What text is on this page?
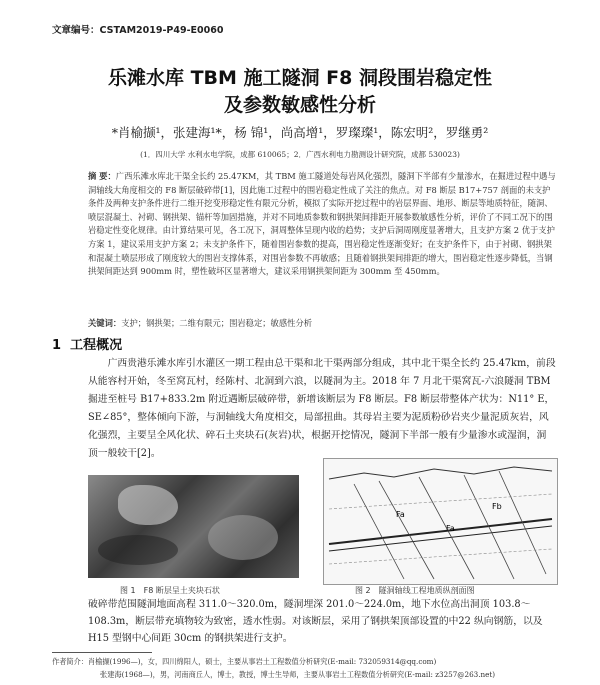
文章编号：CSTAM2019-P49-E0060
乐滩水库 TBM 施工隧洞 F8 洞段围岩稳定性
及参数敏感性分析
*肖榆撷¹，张建海¹*，杨 锦¹，尚高增¹，罗璨璨¹，陈宏明²，罗继勇²
(1．四川大学 水利水电学院，成都 610065；2．广西水利电力勘测设计研究院，成都 530023)
摘 要：广西乐滩水库北干渠全长约 25.47KM，其 TBM 施工隧道处每岩风化强烈，隧洞下半部有少量渗水，在掘进过程中遇与洞轴线大角度相交的 F8 断层破碎带[1]，因此施工过程中的围岩稳定性成了关注的焦点。对 F8 断层 B17+757 剖面的未支护条件及两种支护条件进行二维开挖变形稳定性有限元分析，模拟了实际开挖过程中的岩层界面、地形、断层等地质特征，随洞、喷层混凝土、衬砌、钢拱架、锚杆等加固措施，并对不同地质参数和钢拱架间排距开展参数敏感性分析，评价了不同工况下的围岩稳定性变化规律。由计算结果可见，各工况下，洞周整体呈现内收的趋势；支护后洞周刚度显著增大，且支护方案 2 优于支护方案 1，建议采用支护方案 2；未支护条件下，随着围岩参数的提高，围岩稳定性逐渐变好；在支护条件下，由于衬砌、钢拱架和混凝土喷层形成了刚度较大的围岩支撑体系，对围岩参数不再敏感；且随着钢拱架间排距的增大，围岩稳定性逐步降低，当钢拱架间距达到 900mm 时，塑性破坏区显著增大，建议采用钢拱架间距为 300mm 至 450mm。
关键词：支护；钢拱架；二维有限元；围岩稳定；敏感性分析
1 工程概况
广西贵港乐滩水库引水灌区一期工程由总干渠和北干渠两部分组成，其中北干渠全长约 25.47km，前段从能容村开始，冬至窝瓦村，经陈村、北洞到六浪，以隧洞为主。2018 年 7 月北干渠窝瓦-六浪隧洞 TBM 掘进至桩号 B17+833.2m 附近遇断层破碎带，新增该断层为 F8 断层。F8 断层带整体产状为：N11° E，SE∠85°，整体倾向下游，与洞轴线大角度相交，局部扭曲。其母岩主要为泥质粉砂岩夹少量泥质灰岩，风化强烈，主要呈全风化状、碎石土夹块石(灰岩)状，根据开挖情况，隧洞下半部一般有少量渗水或湿润，洞顶一般较干[2]。
Fa
Fa
Fb
图 1　F8 断层呈土夹块石状	图 2　隧洞轴线工程地质纵剖面图
破碎带范围隧洞地面高程 311.0～320.0m，隧洞埋深 201.0～224.0m，地下水位高出洞顶 103.8～108.3m，断层带充填物较为致密，透水性弱。对该断层，采用了钢拱架顶部设置的中22 纵向钢筋，以及 H15 型钢中心间距 30cm 的钢拱架进行支护。
作者简介：肖榆撷(1996—)，女，四川绵阳人，硕士，主要从事岩土工程数值分析研究(E-mail: 732059314@qq.com)
张建海(1968—)，男，河南商丘人，博士，教授，博士生导师，主要从事岩土工程数值分析研究(E-mail: z3257@263.net)
